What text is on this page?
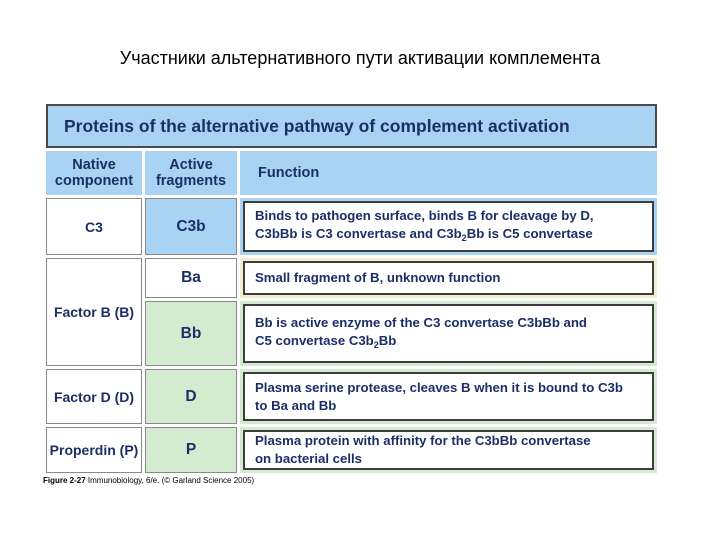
Участники альтернативного пути активации комплемента
Proteins of the alternative pathway of complement activation
Native component
Active fragments	Function
C3
Factor B (B)
Factor D (D)
Properdin (P)
C3b
Ba
Bb
D
P
Binds to pathogen surface, binds B for cleavage by D,
C3bBb is C3 convertase and $C3b_2Bb$ is C5 convertase
Small fragment of B, unknown function
Bb is active enzyme of the C3 convertase C3bBb and
C5 convertase $C3b_2Bb$
Plasma serine protease, cleaves B when it is bound to C3b
to Ba and Bb
Plasma protein with affinity for the C3bBb convertase
on bacterial cells
Figure 2-27 Immunobiology, 6/e. (© Garland Science 2005)
